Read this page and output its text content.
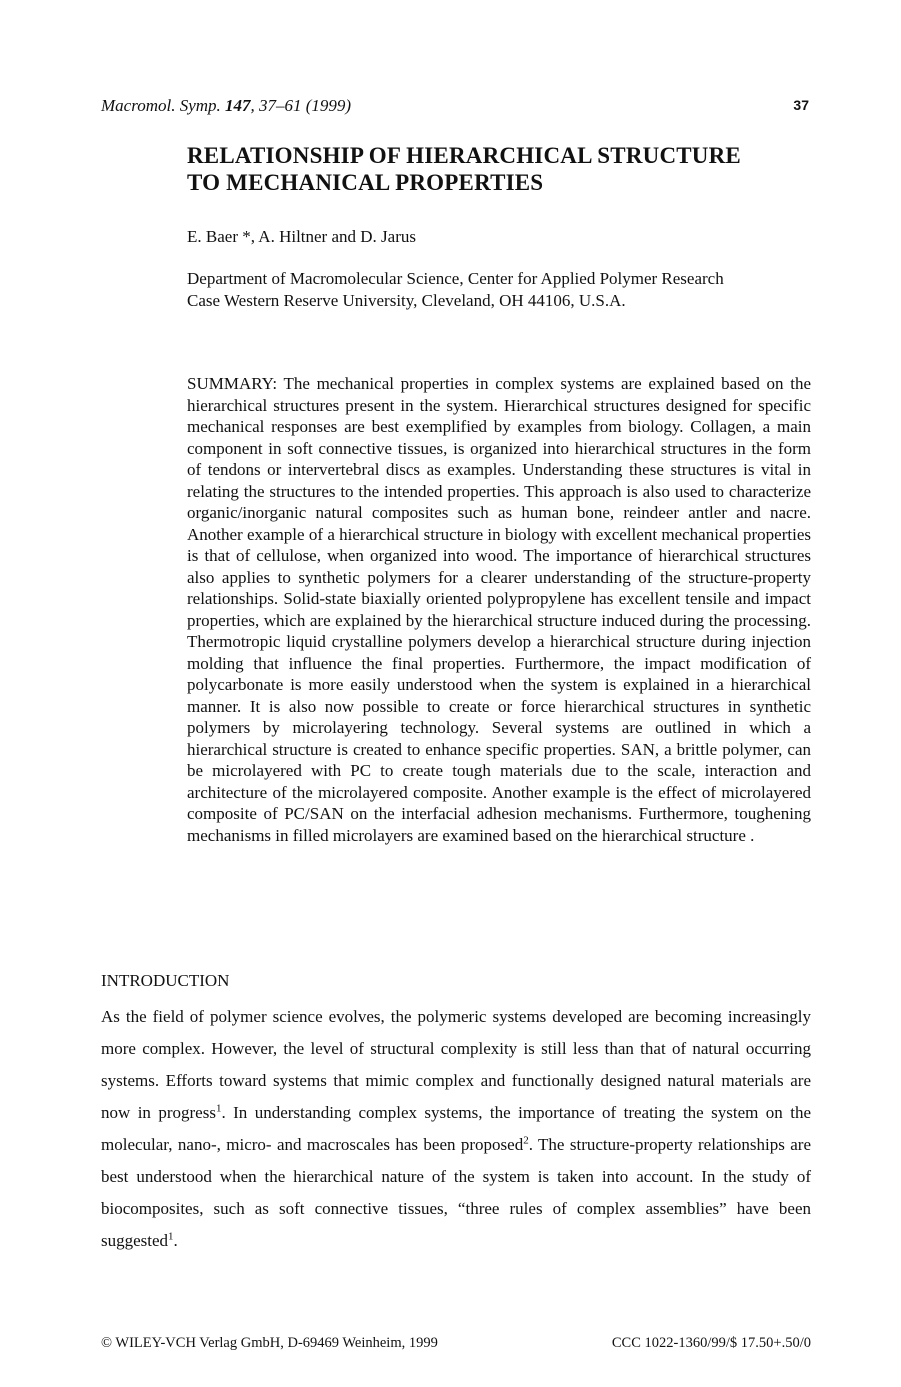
Macromol. Symp. 147, 37–61 (1999)	37
RELATIONSHIP OF HIERARCHICAL STRUCTURE
TO MECHANICAL PROPERTIES
E. Baer *, A. Hiltner and D. Jarus
Department of Macromolecular Science, Center for Applied Polymer Research
Case Western Reserve University, Cleveland, OH 44106, U.S.A.

SUMMARY: The mechanical properties in complex systems are explained based on the hierarchical structures present in the system. Hierarchical structures designed for specific mechanical responses are best exemplified by examples from biology. Collagen, a main component in soft connective tissues, is organized into hierarchical structures in the form of tendons or intervertebral discs as examples. Understanding these structures is vital in relating the structures to the intended properties. This approach is also used to characterize organic/inorganic natural composites such as human bone, reindeer antler and nacre. Another example of a hierarchical structure in biology with excellent mechanical properties is that of cellulose, when organized into wood. The importance of hierarchical structures also applies to synthetic polymers for a clearer understanding of the structure-property relationships. Solid-state biaxially oriented polypropylene has excellent tensile and impact properties, which are explained by the hierarchical structure induced during the processing. Thermotropic liquid crystalline polymers develop a hierarchical structure during injection molding that influence the final properties. Furthermore, the impact modification of polycarbonate is more easily understood when the system is explained in a hierarchical manner. It is also now possible to create or force hierarchical structures in synthetic polymers by microlayering technology. Several systems are outlined in which a hierarchical structure is created to enhance specific properties. SAN, a brittle polymer, can be microlayered with PC to create tough materials due to the scale, interaction and architecture of the microlayered composite. Another example is the effect of microlayered composite of PC/SAN on the interfacial adhesion mechanisms. Furthermore, toughening mechanisms in filled microlayers are examined based on the hierarchical structure .

INTRODUCTION

As the field of polymer science evolves, the polymeric systems developed are becoming increasingly more complex. However, the level of structural complexity is still less than that of natural occurring systems. Efforts toward systems that mimic complex and functionally designed natural materials are now in progress$^1$. In understanding complex systems, the importance of treating the system on the molecular, nano-, micro- and macroscales has been proposed$^2$. The structure-property relationships are best understood when the hierarchical nature of the system is taken into account. In the study of biocomposites, such as soft connective tissues, “three rules of complex assemblies” have been suggested$^1$.

© WILEY-VCH Verlag GmbH, D-69469 Weinheim, 1999	CCC 1022-1360/99/$ 17.50+.50/0
